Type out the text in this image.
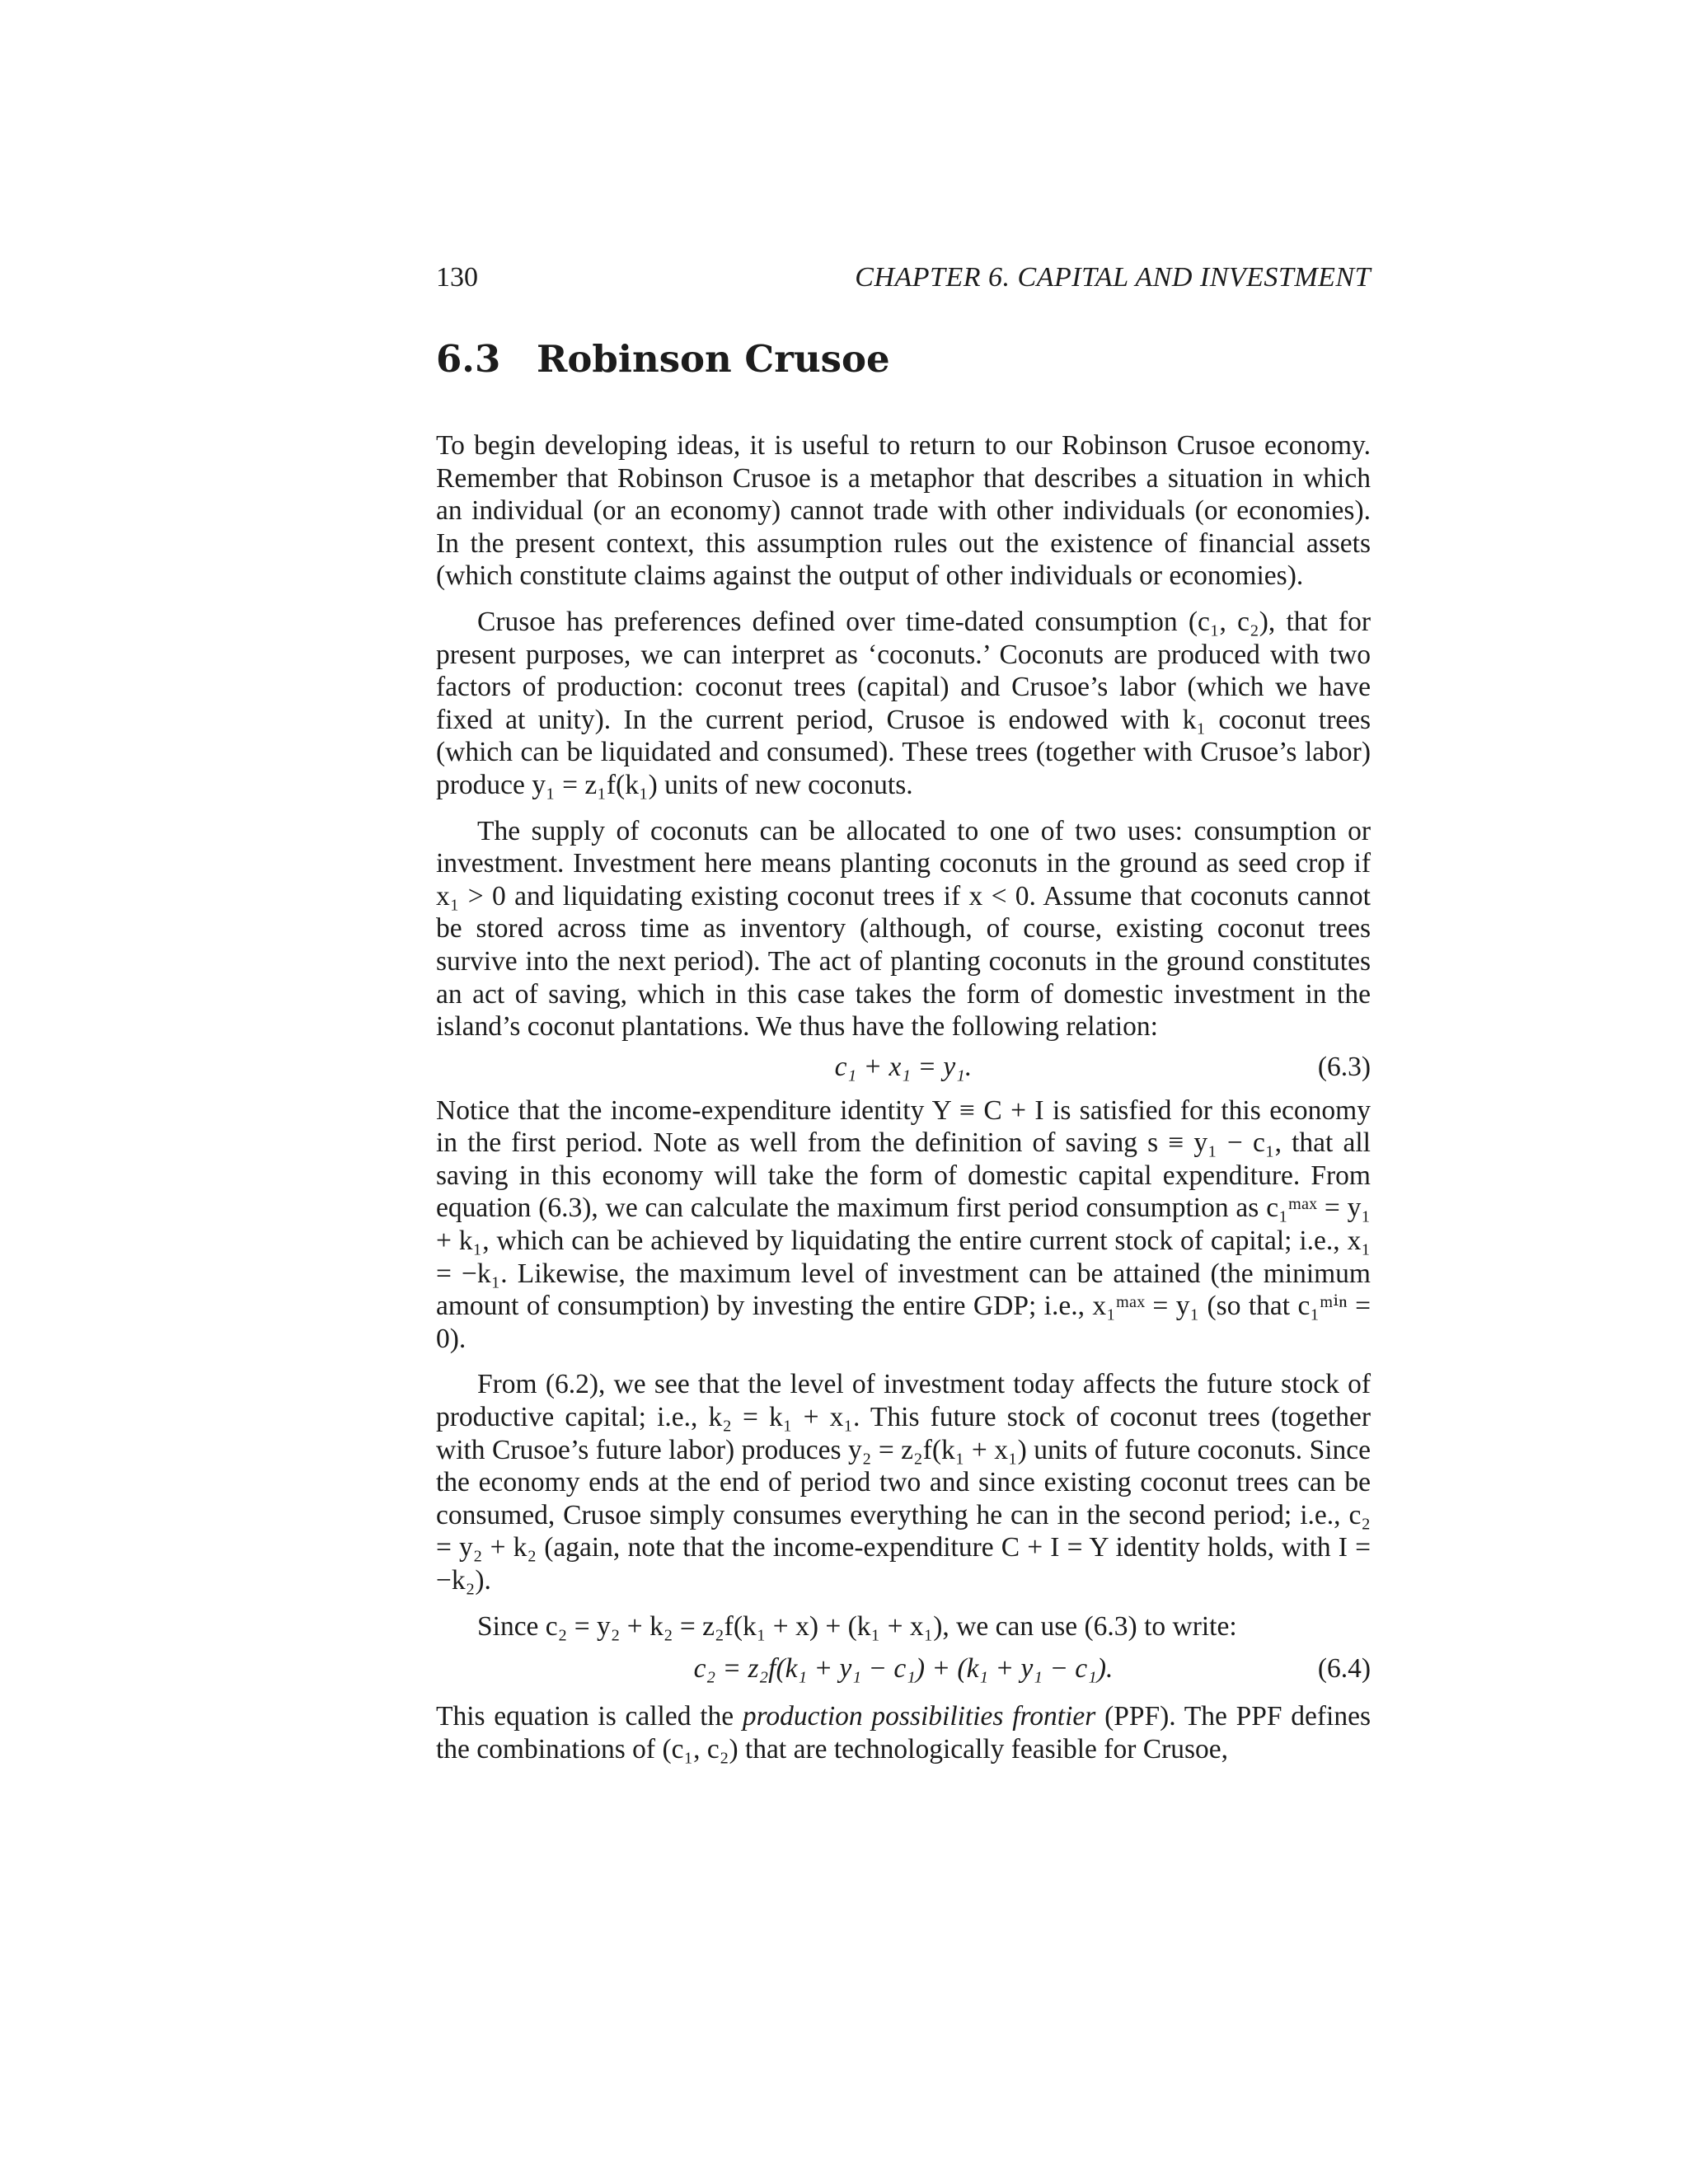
130	CHAPTER 6. CAPITAL AND INVESTMENT
6.3 Robinson Crusoe

To begin developing ideas, it is useful to return to our Robinson Crusoe economy. Remember that Robinson Crusoe is a metaphor that describes a situation in which an individual (or an economy) cannot trade with other individuals (or economies). In the present context, this assumption rules out the existence of financial assets (which constitute claims against the output of other individuals or economies).

Crusoe has preferences defined over time-dated consumption (c₁, c₂), that for present purposes, we can interpret as ‘coconuts.’ Coconuts are produced with two factors of production: coconut trees (capital) and Crusoe’s labor (which we have fixed at unity). In the current period, Crusoe is endowed with k₁ coconut trees (which can be liquidated and consumed). These trees (together with Crusoe’s labor) produce y₁ = z₁f(k₁) units of new coconuts.

The supply of coconuts can be allocated to one of two uses: consumption or investment. Investment here means planting coconuts in the ground as seed crop if x₁ > 0 and liquidating existing coconut trees if x < 0. Assume that coconuts cannot be stored across time as inventory (although, of course, existing coconut trees survive into the next period). The act of planting coconuts in the ground constitutes an act of saving, which in this case takes the form of domestic investment in the island’s coconut plantations. We thus have the following relation:

c₁ + x₁ = y₁.	(6.3)

Notice that the income-expenditure identity Y ≡ C + I is satisfied for this economy in the first period. Note as well from the definition of saving s ≡ y₁ − c₁, that all saving in this economy will take the form of domestic capital expenditure. From equation (6.3), we can calculate the maximum first period consumption as c₁ᵐᵃˣ = y₁ + k₁, which can be achieved by liquidating the entire current stock of capital; i.e., x₁ = −k₁. Likewise, the maximum level of investment can be attained (the minimum amount of consumption) by investing the entire GDP; i.e., x₁ᵐᵃˣ = y₁ (so that c₁ᵐⁱⁿ = 0).

From (6.2), we see that the level of investment today affects the future stock of productive capital; i.e., k₂ = k₁ + x₁. This future stock of coconut trees (together with Crusoe’s future labor) produces y₂ = z₂f(k₁ + x₁) units of future coconuts. Since the economy ends at the end of period two and since existing coconut trees can be consumed, Crusoe simply consumes everything he can in the second period; i.e., c₂ = y₂ + k₂ (again, note that the income-expenditure C + I = Y identity holds, with I = −k₂).

Since c₂ = y₂ + k₂ = z₂f(k₁ + x) + (k₁ + x₁), we can use (6.3) to write:

c₂ = z₂f(k₁ + y₁ − c₁) + (k₁ + y₁ − c₁).	(6.4)

This equation is called the production possibilities frontier (PPF). The PPF defines the combinations of (c₁, c₂) that are technologically feasible for Crusoe,
